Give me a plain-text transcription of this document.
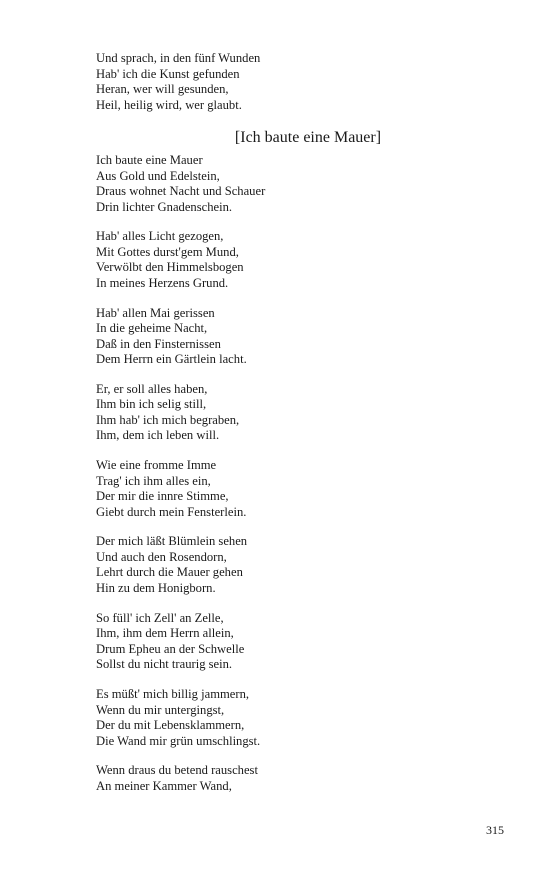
Und sprach, in den fünf Wunden
Hab' ich die Kunst gefunden
Heran, wer will gesunden,
Heil, heilig wird, wer glaubt.
[Ich baute eine Mauer]
Ich baute eine Mauer
Aus Gold und Edelstein,
Draus wohnet Nacht und Schauer
Drin lichter Gnadenschein.
Hab' alles Licht gezogen,
Mit Gottes durst'gem Mund,
Verwölbt den Himmelsbogen
In meines Herzens Grund.
Hab' allen Mai gerissen
In die geheime Nacht,
Daß in den Finsternissen
Dem Herrn ein Gärtlein lacht.
Er, er soll alles haben,
Ihm bin ich selig still,
Ihm hab' ich mich begraben,
Ihm, dem ich leben will.
Wie eine fromme Imme
Trag' ich ihm alles ein,
Der mir die innre Stimme,
Giebt durch mein Fensterlein.
Der mich läßt Blümlein sehen
Und auch den Rosendorn,
Lehrt durch die Mauer gehen
Hin zu dem Honigborn.
So füll' ich Zell' an Zelle,
Ihm, ihm dem Herrn allein,
Drum Epheu an der Schwelle
Sollst du nicht traurig sein.
Es müßt' mich billig jammern,
Wenn du mir untergingst,
Der du mit Lebensklammern,
Die Wand mir grün umschlingst.
Wenn draus du betend rauschest
An meiner Kammer Wand,
315
